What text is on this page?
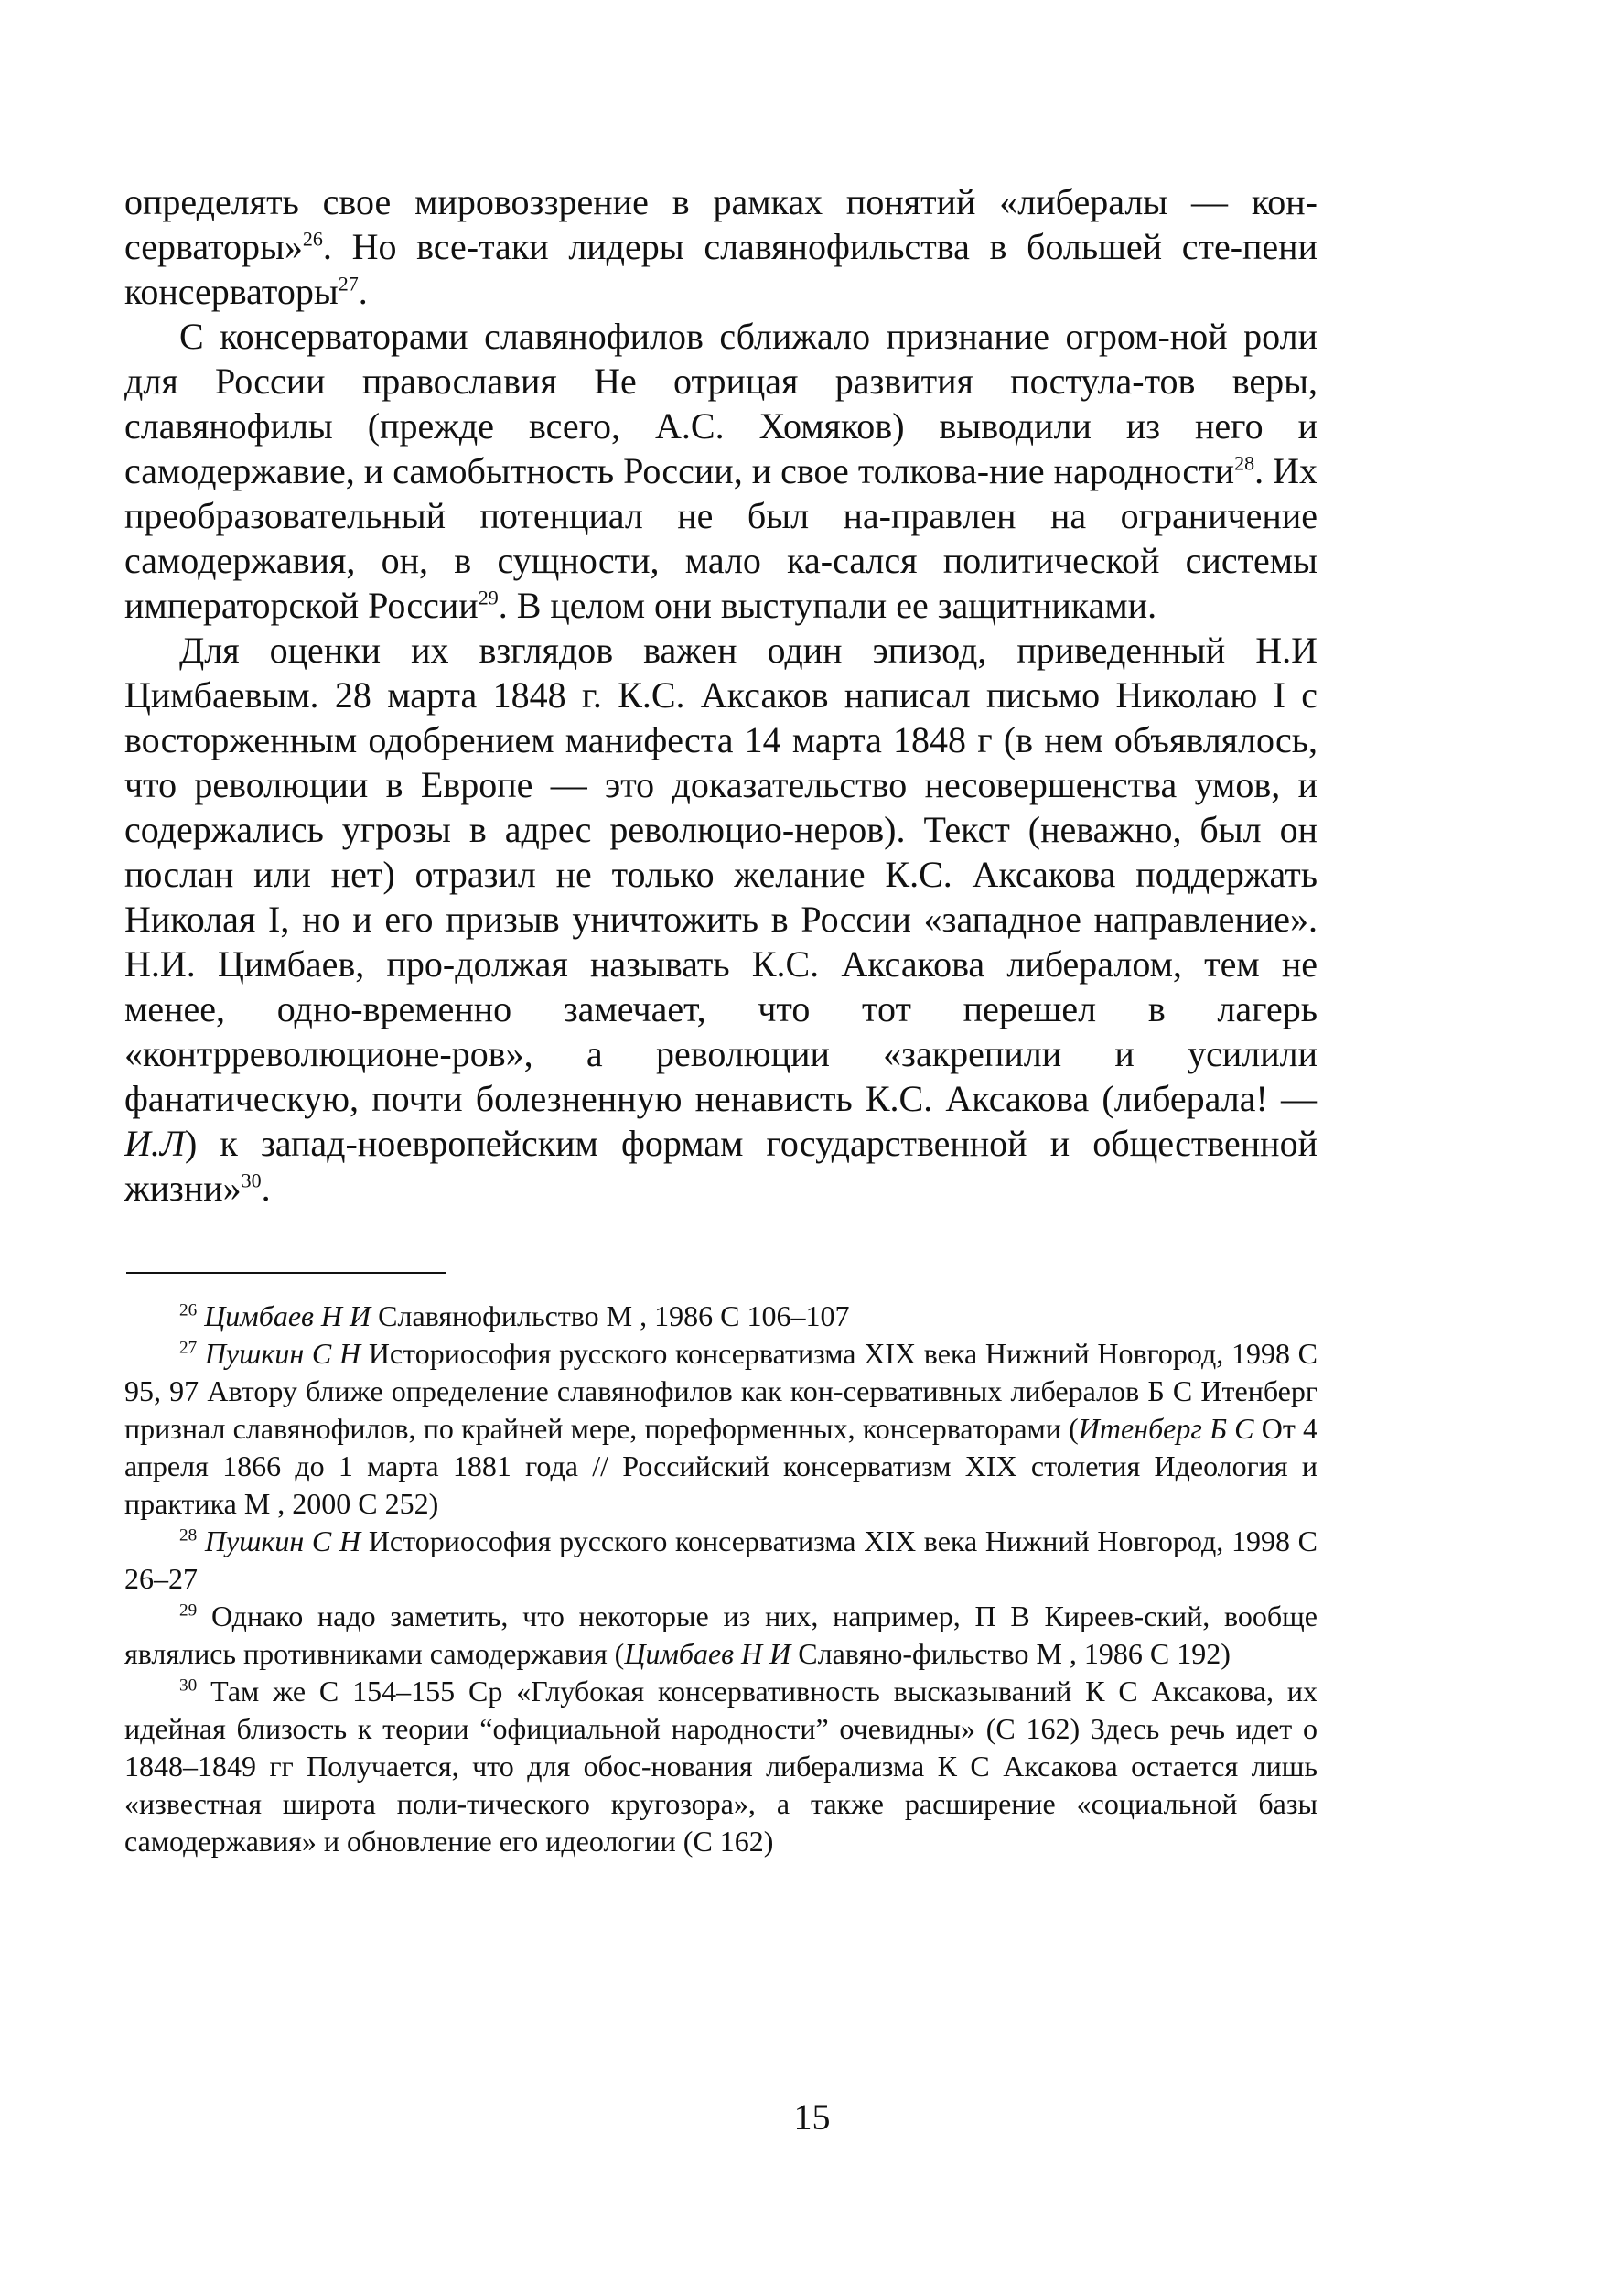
определять свое мировоззрение в рамках понятий «либералы — кон-серваторы»$^{26}$. Но все-таки лидеры славянофильства в большей сте-пени консерваторы$^{27}$.

С консерваторами славянофилов сближало признание огром-ной роли для России православия Не отрицая развития постула-тов веры, славянофилы (прежде всего, А.С. Хомяков) выводили из него и самодержавие, и самобытность России, и свое толкова-ние народности$^{28}$. Их преобразовательный потенциал не был на-правлен на ограничение самодержавия, он, в сущности, мало ка-сался политической системы императорской России$^{29}$. В целом они выступали ее защитниками.

Для оценки их взглядов важен один эпизод, приведенный Н.И Цимбаевым. 28 марта 1848 г. К.С. Аксаков написал письмо Николаю I с восторженным одобрением манифеста 14 марта 1848 г (в нем объявлялось, что революции в Европе — это доказательство несовершенства умов, и содержались угрозы в адрес революцио-неров). Текст (неважно, был он послан или нет) отразил не только желание К.С. Аксакова поддержать Николая I, но и его призыв уничтожить в России «западное направление». Н.И. Цимбаев, про-должая называть К.С. Аксакова либералом, тем не менее, одно-временно замечает, что тот перешел в лагерь «контрреволюционе-ров», а революции «закрепили и усилили фанатическую, почти болезненную ненависть К.С. Аксакова (либерала! — И.Л) к запад-ноевропейским формам государственной и общественной жизни»$^{30}$.

$^{26}$ Цимбаев Н И Славянофильство М , 1986 С 106–107

$^{27}$ Пушкин С Н Историософия русского консерватизма XIX века Нижний Новгород, 1998 С 95, 97 Автору ближе определение славянофилов как кон-сервативных либералов Б С Итенберг признал славянофилов, по крайней мере, пореформенных, консерваторами (Итенберг Б С От 4 апреля 1866 до 1 марта 1881 года // Российский консерватизм XIX столетия Идеология и практика М , 2000 С 252)

$^{28}$ Пушкин С Н Историософия русского консерватизма XIX века Нижний Новгород, 1998 С 26–27

$^{29}$ Однако надо заметить, что некоторые из них, например, П В Киреев-ский, вообще являлись противниками самодержавия (Цимбаев Н И Славяно-фильство М , 1986 С 192)

$^{30}$ Там же С 154–155 Ср «Глубокая консервативность высказываний К С Аксакова, их идейная близость к теории “официальной народности” очевидны» (С 162) Здесь речь идет о 1848–1849 гг Получается, что для обос-нования либерализма К С Аксакова остается лишь «известная широта поли-тического кругозора», а также расширение «социальной базы самодержавия» и обновление его идеологии (С 162)

15
